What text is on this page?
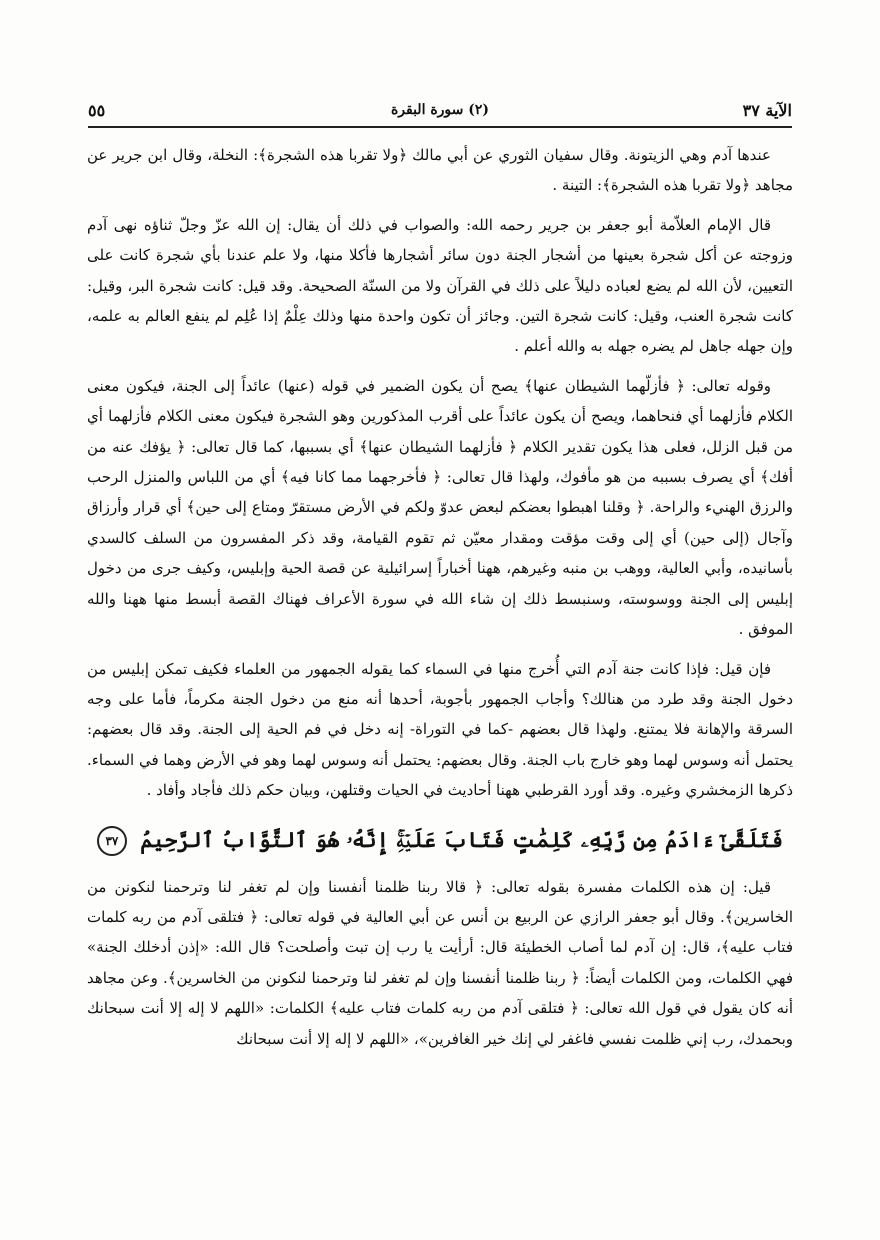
الآية ٣٧
(٢) سورة البقرة
٥٥

عندها آدم وهي الزيتونة. وقال سفيان الثوري عن أبي مالك ﴿ولا تقربا هذه الشجرة﴾: النخلة، وقال ابن جرير عن مجاهد ﴿ولا تقربا هذه الشجرة﴾: التينة .

قال الإمام العلاّمة أبو جعفر بن جرير رحمه الله: والصواب في ذلك أن يقال: إن الله عزّ وجلّ ثناؤه نهى آدم وزوجته عن أكل شجرة بعينها من أشجار الجنة دون سائر أشجارها فأكلا منها، ولا علم عندنا بأي شجرة كانت على التعيين، لأن الله لم يضع لعباده دليلاً على ذلك في القرآن ولا من السنّة الصحيحة. وقد قيل: كانت شجرة البر، وقيل: كانت شجرة العنب، وقيل: كانت شجرة التين. وجائز أن تكون واحدة منها وذلك عِلْمٌ إذا عُلِم لم ينفع العالم به علمه، وإن جهله جاهل لم يضره جهله به والله أعلم .

وقوله تعالى: ﴿ فأزلّهما الشيطان عنها﴾ يصح أن يكون الضمير في قوله (عنها) عائداً إلى الجنة، فيكون معنى الكلام فأزلهما أي فنحاهما، ويصح أن يكون عائداً على أقرب المذكورين وهو الشجرة فيكون معنى الكلام فأزلهما أي من قبل الزلل، فعلى هذا يكون تقدير الكلام ﴿ فأزلهما الشيطان عنها﴾ أي بسببها، كما قال تعالى: ﴿ يؤفك عنه من أفك﴾ أي يصرف بسببه من هو مأفوك، ولهذا قال تعالى: ﴿ فأخرجهما مما كانا فيه﴾ أي من اللباس والمنزل الرحب والرزق الهنيء والراحة. ﴿ وقلنا اهبطوا بعضكم لبعض عدوّ ولكم في الأرض مستقرّ ومتاع إلى حين﴾ أي قرار وأرزاق وآجال (إلى حين) أي إلى وقت مؤقت ومقدار معيّن ثم تقوم القيامة، وقد ذكر المفسرون من السلف كالسدي بأسانيده، وأبي العالية، ووهب بن منبه وغيرهم، ههنا أخباراً إسرائيلية عن قصة الحية وإبليس، وكيف جرى من دخول إبليس إلى الجنة ووسوسته، وسنبسط ذلك إن شاء الله في سورة الأعراف فهناك القصة أبسط منها ههنا والله الموفق .

فإن قيل: فإذا كانت جنة آدم التي أُخرج منها في السماء كما يقوله الجمهور من العلماء فكيف تمكن إبليس من دخول الجنة وقد طرد من هنالك؟ وأجاب الجمهور بأجوبة، أحدها أنه منع من دخول الجنة مكرماً، فأما على وجه السرقة والإهانة فلا يمتنع. ولهذا قال بعضهم -كما في التوراة- إنه دخل في فم الحية إلى الجنة. وقد قال بعضهم: يحتمل أنه وسوس لهما وهو خارج باب الجنة. وقال بعضهم: يحتمل أنه وسوس لهما وهو في الأرض وهما في السماء. ذكرها الزمخشري وغيره. وقد أورد القرطبي ههنا أحاديث في الحيات وقتلهن، وبيان حكم ذلك فأجاد وأفاد .

فَتَلَقَّىٰٓ ءَادَمُ مِن رَّبِّهِۦ كَلِمَٰتٍ فَتَابَ عَلَيۡهِۚ إِنَّهُۥ هُوَ ٱلتَّوَّابُ ٱلرَّحِيمُ ٣٧

قيل: إن هذه الكلمات مفسرة بقوله تعالى: ﴿ قالا ربنا ظلمنا أنفسنا وإن لم تغفر لنا وترحمنا لنكونن من الخاسرين﴾. وقال أبو جعفر الرازي عن الربيع بن أنس عن أبي العالية في قوله تعالى: ﴿ فتلقى آدم من ربه كلمات فتاب عليه﴾، قال: إن آدم لما أصاب الخطيئة قال: أرأيت يا رب إن تبت وأصلحت؟ قال الله: «إذن أدخلك الجنة» فهي الكلمات، ومن الكلمات أيضاً: ﴿ ربنا ظلمنا أنفسنا وإن لم تغفر لنا وترحمنا لنكونن من الخاسرين﴾. وعن مجاهد أنه كان يقول في قول الله تعالى: ﴿ فتلقى آدم من ربه كلمات فتاب عليه﴾ الكلمات: «اللهم لا إله إلا أنت سبحانك وبحمدك، رب إني ظلمت نفسي فاغفر لي إنك خير الغافرين»، «اللهم لا إله إلا أنت سبحانك
